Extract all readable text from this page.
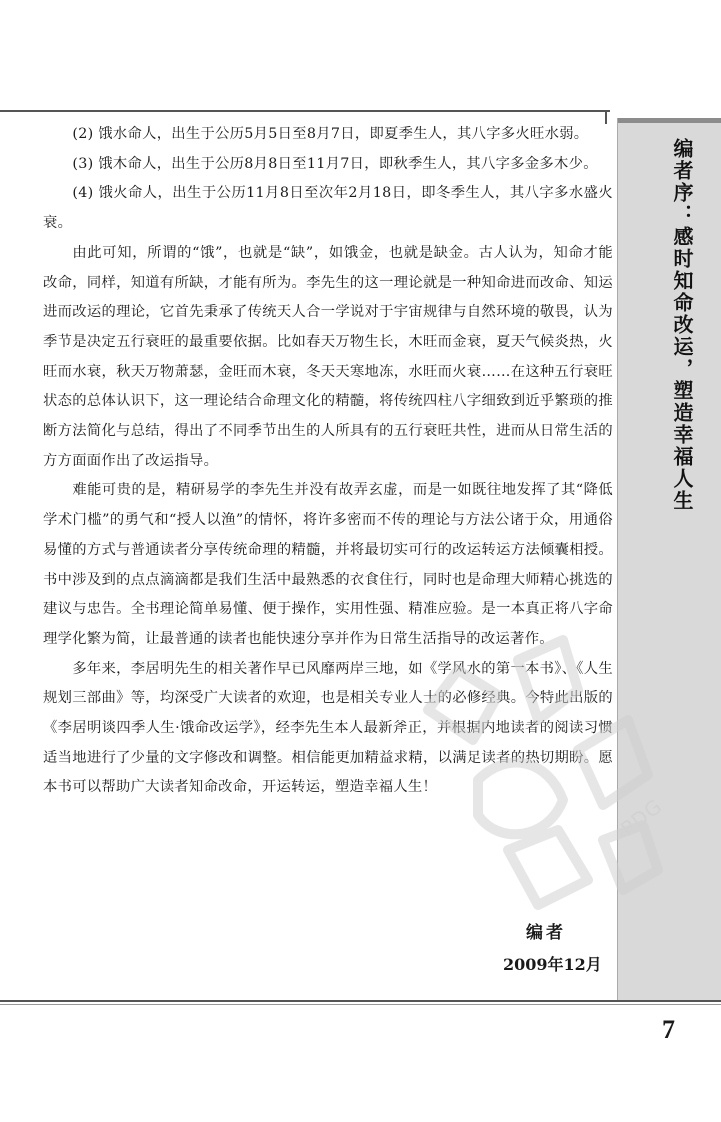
编者序：感时知命改运，塑造幸福人生

(2) 饿水命人，出生于公历5月5日至8月7日，即夏季生人，其八字多火旺水弱。

(3) 饿木命人，出生于公历8月8日至11月7日，即秋季生人，其八字多金多木少。

(4) 饿火命人，出生于公历11月8日至次年2月18日，即冬季生人，其八字多水盛火衰。

由此可知，所谓的“饿”，也就是“缺”，如饿金，也就是缺金。古人认为，知命才能改命，同样，知道有所缺，才能有所为。李先生的这一理论就是一种知命进而改命、知运进而改运的理论，它首先秉承了传统天人合一学说对于宇宙规律与自然环境的敬畏，认为季节是决定五行衰旺的最重要依据。比如春天万物生长，木旺而金衰，夏天气候炎热，火旺而水衰，秋天万物萧瑟，金旺而木衰，冬天天寒地冻，水旺而火衰……在这种五行衰旺状态的总体认识下，这一理论结合命理文化的精髓，将传统四柱八字细致到近乎繁琐的推断方法简化与总结，得出了不同季节出生的人所具有的五行衰旺共性，进而从日常生活的方方面面作出了改运指导。

难能可贵的是，精研易学的李先生并没有故弄玄虚，而是一如既往地发挥了其“降低学术门槛”的勇气和“授人以渔”的情怀，将许多密而不传的理论与方法公诸于众，用通俗易懂的方式与普通读者分享传统命理的精髓，并将最切实可行的改运转运方法倾囊相授。书中涉及到的点点滴滴都是我们生活中最熟悉的衣食住行，同时也是命理大师精心挑选的建议与忠告。全书理论简单易懂、便于操作，实用性强、精准应验。是一本真正将八字命理学化繁为简，让最普通的读者也能快速分享并作为日常生活指导的改运著作。

多年来，李居明先生的相关著作早已风靡两岸三地，如《学风水的第一本书》、《人生规划三部曲》等，均深受广大读者的欢迎，也是相关专业人士的必修经典。今特此出版的《李居明谈四季人生·饿命改运学》，经李先生本人最新斧正，并根据内地读者的阅读习惯适当地进行了少量的文字修改和调整。相信能更加精益求精，以满足读者的热切期盼。愿本书可以帮助广大读者知命改命，开运转运，塑造幸福人生！

PDG
编者
2009年12月
7
